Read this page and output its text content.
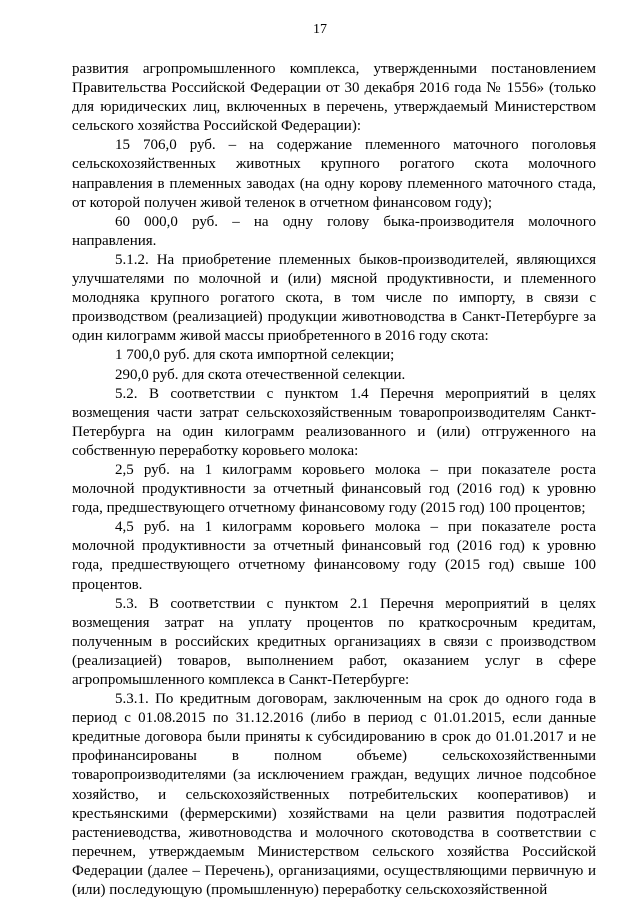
17

развития агропромышленного комплекса, утвержденными постановлением Правительства Российской Федерации от 30 декабря 2016 года № 1556» (только для юридических лиц, включенных в перечень, утверждаемый Министерством сельского хозяйства Российской Федерации):

15 706,0 руб. – на содержание племенного маточного поголовья сельскохозяйственных животных крупного рогатого скота молочного направления в племенных заводах (на одну корову племенного маточного стада, от которой получен живой теленок в отчетном финансовом году);

60 000,0 руб. – на одну голову быка-производителя молочного направления.

5.1.2. На приобретение племенных быков-производителей, являющихся улучшателями по молочной и (или) мясной продуктивности, и племенного молодняка крупного рогатого скота, в том числе по импорту, в связи с производством (реализацией) продукции животноводства в Санкт-Петербурге за один килограмм живой массы приобретенного в 2016 году скота:

1 700,0 руб. для скота импортной селекции;

290,0 руб. для скота отечественной селекции.

5.2. В соответствии с пунктом 1.4 Перечня мероприятий в целях возмещения части затрат сельскохозяйственным товаропроизводителям Санкт-Петербурга на один килограмм реализованного и (или) отгруженного на собственную переработку коровьего молока:

2,5 руб. на 1 килограмм коровьего молока – при показателе роста молочной продуктивности за отчетный финансовый год (2016 год) к уровню года, предшествующего отчетному финансовому году (2015 год) 100 процентов;

4,5 руб. на 1 килограмм коровьего молока – при показателе роста молочной продуктивности за отчетный финансовый год (2016 год) к уровню года, предшествующего отчетному финансовому году (2015 год) свыше 100 процентов.

5.3. В соответствии с пунктом 2.1 Перечня мероприятий в целях возмещения затрат на уплату процентов по краткосрочным кредитам, полученным в российских кредитных организациях в связи с производством (реализацией) товаров, выполнением работ, оказанием услуг в сфере агропромышленного комплекса в Санкт-Петербурге:

5.3.1. По кредитным договорам, заключенным на срок до одного года в период с 01.08.2015 по 31.12.2016 (либо в период с 01.01.2015, если данные кредитные договора были приняты к субсидированию в срок до 01.01.2017 и не профинансированы в полном объеме) сельскохозяйственными товаропроизводителями (за исключением граждан, ведущих личное подсобное хозяйство, и сельскохозяйственных потребительских кооперативов) и крестьянскими (фермерскими) хозяйствами на цели развития подотраслей растениеводства, животноводства и молочного скотоводства в соответствии с перечнем, утверждаемым Министерством сельского хозяйства Российской Федерации (далее – Перечень), организациями, осуществляющими первичную и (или) последующую (промышленную) переработку сельскохозяйственной
